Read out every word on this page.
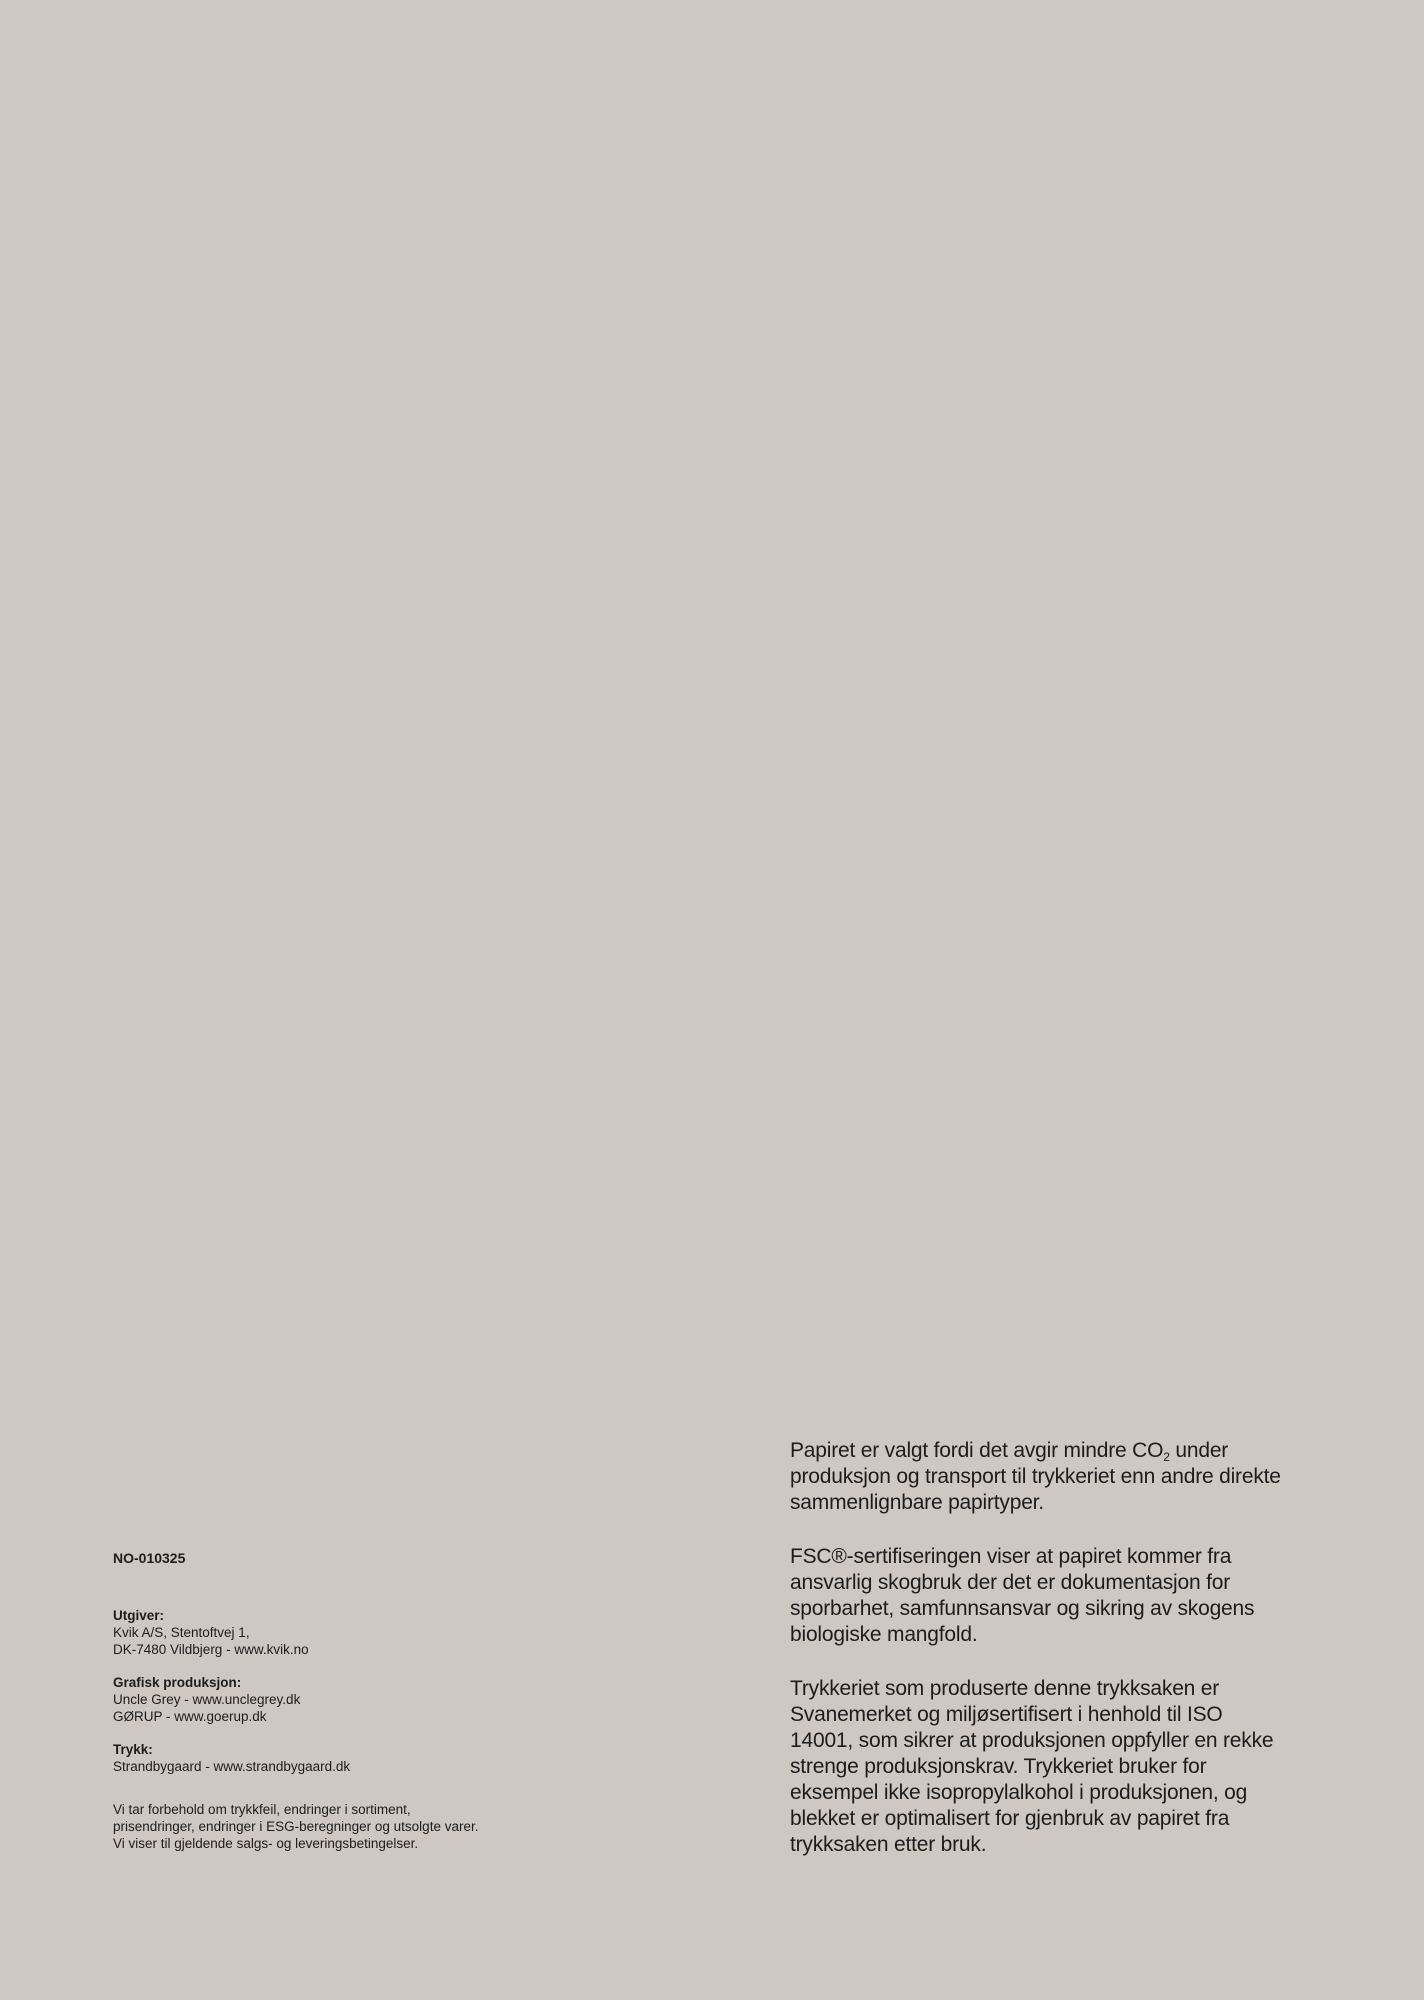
NO-010325
Utgiver:
Kvik A/S, Stentoftvej 1,
DK-7480 Vildbjerg - www.kvik.no
Grafisk produksjon:
Uncle Grey - www.unclegrey.dk
GØRUP - www.goerup.dk
Trykk:
Strandbygaard - www.strandbygaard.dk
Vi tar forbehold om trykkfeil, endringer i sortiment,
prisendringer, endringer i ESG-beregninger og utsolgte varer.
Vi viser til gjeldende salgs- og leveringsbetingelser.

Papiret er valgt fordi det avgir mindre $CO_2$ under produksjon og transport til trykkeriet enn andre direkte sammenlignbare papirtyper.

FSC®-sertifiseringen viser at papiret kommer fra ansvarlig skogbruk der det er dokumentasjon for sporbarhet, samfunnsansvar og sikring av skogens biologiske mangfold.

Trykkeriet som produserte denne trykksaken er Svanemerket og miljøsertifisert i henhold til ISO 14001, som sikrer at produksjonen oppfyller en rekke strenge produksjonskrav. Trykkeriet bruker for eksempel ikke isopropylalkohol i produksjonen, og blekket er optimalisert for gjenbruk av papiret fra trykksaken etter bruk.
